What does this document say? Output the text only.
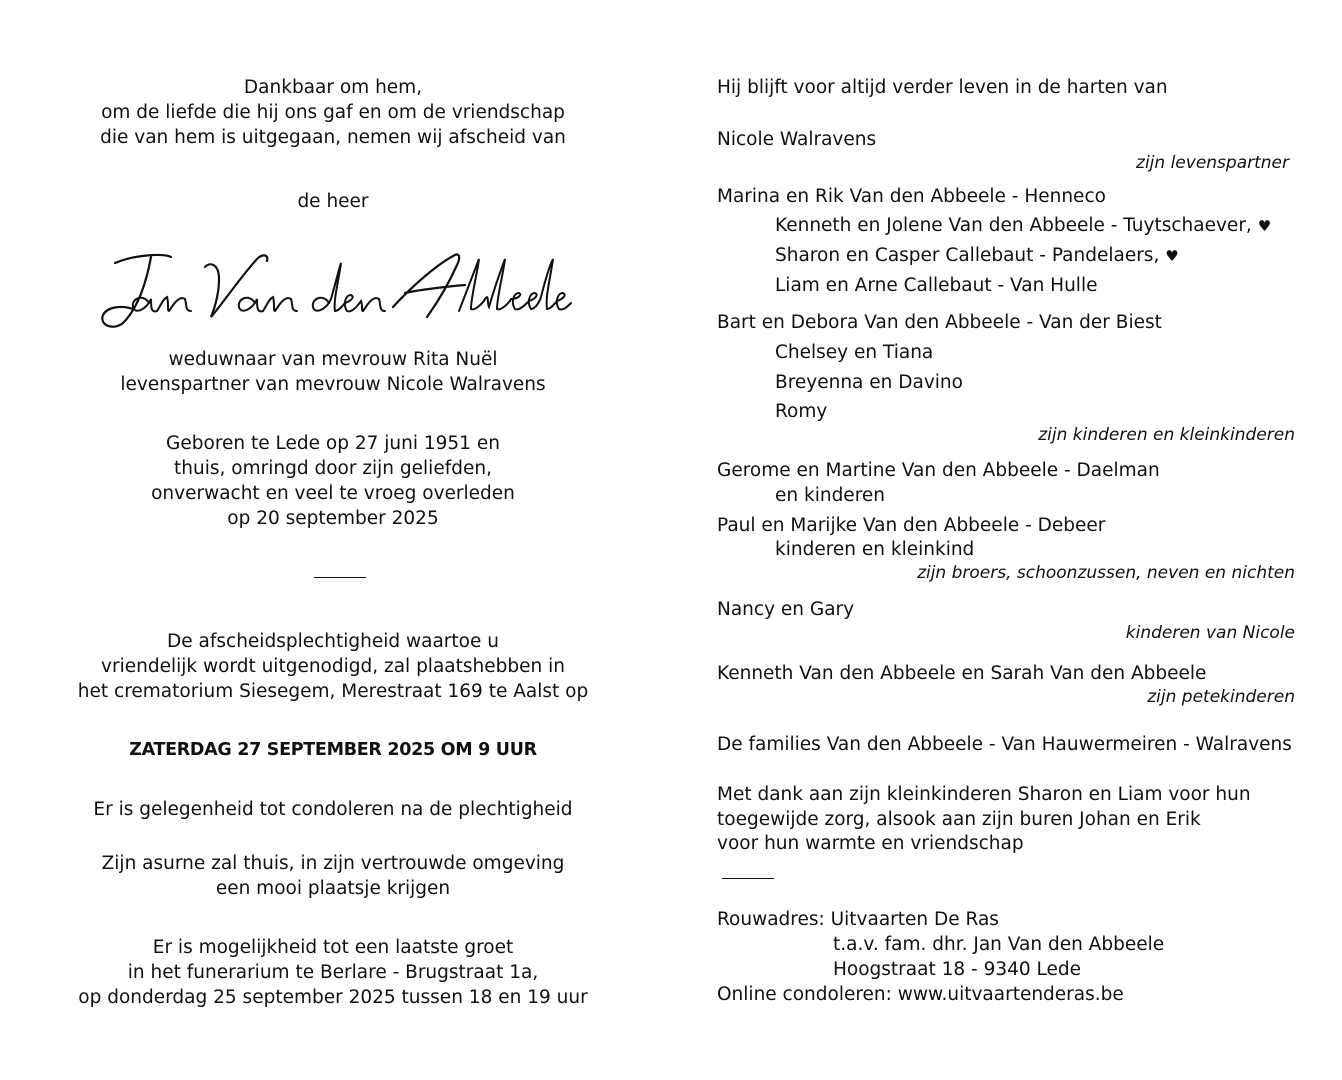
Dankbaar om hem,
om de liefde die hij ons gaf en om de vriendschap
die van hem is uitgegaan, nemen wij afscheid van
de heer
weduwnaar van mevrouw Rita Nuël
levenspartner van mevrouw Nicole Walravens
Geboren te Lede op 27 juni 1951 en
thuis, omringd door zijn geliefden,
onverwacht en veel te vroeg overleden
op 20 september 2025
De afscheidsplechtigheid waartoe u
vriendelijk wordt uitgenodigd, zal plaatshebben in
het crematorium Siesegem, Merestraat 169 te Aalst op
ZATERDAG 27 SEPTEMBER 2025 OM 9 UUR
Er is gelegenheid tot condoleren na de plechtigheid
Zijn asurne zal thuis, in zijn vertrouwde omgeving
een mooi plaatsje krijgen
Er is mogelijkheid tot een laatste groet
in het funerarium te Berlare - Brugstraat 1a,
op donderdag 25 september 2025 tussen 18 en 19 uur
Hij blijft voor altijd verder leven in de harten van
Nicole Walravens
zijn levenspartner
Marina en Rik Van den Abbeele - Henneco
Kenneth en Jolene Van den Abbeele - Tuytschaever, ♥
Sharon en Casper Callebaut - Pandelaers, ♥
Liam en Arne Callebaut - Van Hulle
Bart en Debora Van den Abbeele - Van der Biest
Chelsey en Tiana
Breyenna en Davino
Romy
zijn kinderen en kleinkinderen
Gerome en Martine Van den Abbeele - Daelman
en kinderen
Paul en Marijke Van den Abbeele - Debeer
kinderen en kleinkind
zijn broers, schoonzussen, neven en nichten
Nancy en Gary
kinderen van Nicole
Kenneth Van den Abbeele en Sarah Van den Abbeele
zijn petekinderen
De families Van den Abbeele - Van Hauwermeiren - Walravens
Met dank aan zijn kleinkinderen Sharon en Liam voor hun
toegewijde zorg, alsook aan zijn buren Johan en Erik
voor hun warmte en vriendschap
Rouwadres: Uitvaarten De Ras
t.a.v. fam. dhr. Jan Van den Abbeele
Hoogstraat 18 - 9340 Lede
Online condoleren: www.uitvaartenderas.be
